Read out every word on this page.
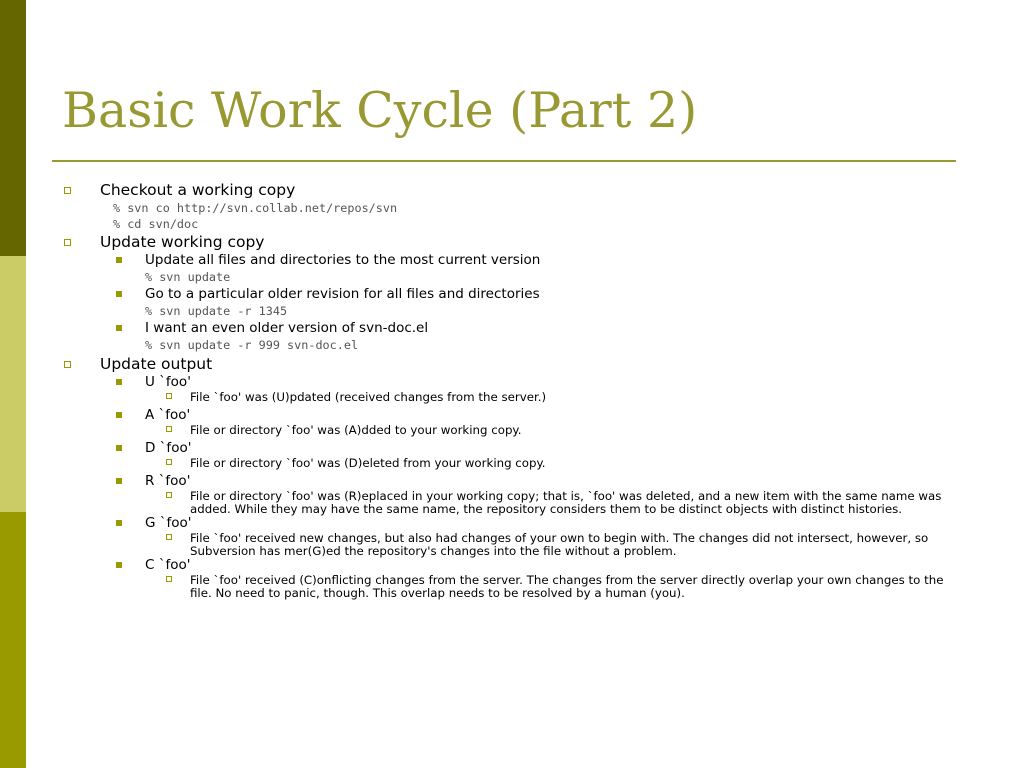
Basic Work Cycle (Part 2)
Checkout a working copy
% svn co http://svn.collab.net/repos/svn
% cd svn/doc
Update working copy
Update all files and directories to the most current version
% svn update
Go to a particular older revision for all files and directories
% svn update -r 1345
I want an even older version of svn-doc.el
% svn update -r 999 svn-doc.el
Update output
U `foo'
File `foo' was (U)pdated (received changes from the server.)
A `foo'
File or directory `foo' was (A)dded to your working copy.
D `foo'
File or directory `foo' was (D)eleted from your working copy.
R `foo'
File or directory `foo' was (R)eplaced in your working copy; that is, `foo' was deleted, and a new item with the same name was added. While they may have the same name, the repository considers them to be distinct objects with distinct histories.
G `foo'
File `foo' received new changes, but also had changes of your own to begin with. The changes did not intersect, however, so Subversion has mer(G)ed the repository's changes into the file without a problem.
C `foo'
File `foo' received (C)onflicting changes from the server. The changes from the server directly overlap your own changes to the file. No need to panic, though. This overlap needs to be resolved by a human (you).
